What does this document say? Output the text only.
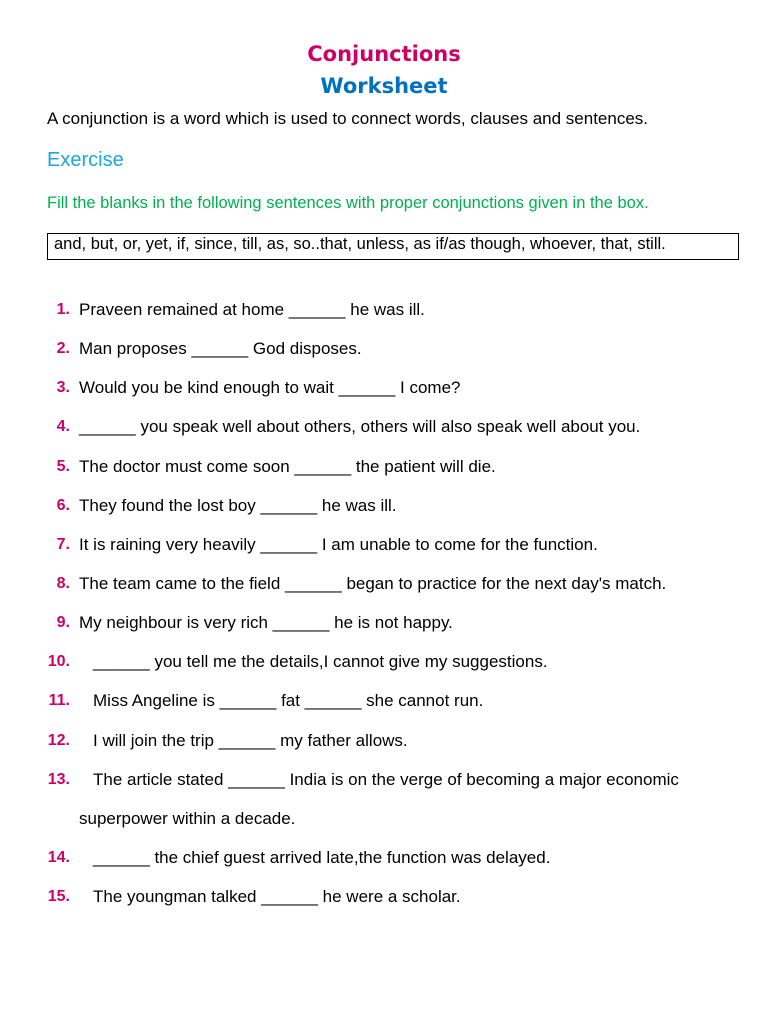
Conjunctions
Worksheet
A conjunction is a word which is used to connect words, clauses and sentences.
Exercise
Fill the blanks in the following sentences with proper conjunctions given in the box.
and, but, or, yet, if, since, till, as, so..that, unless, as if/as though, whoever, that, still.
1. Praveen remained at home ______ he was ill.
2. Man proposes ______ God disposes.
3. Would you be kind enough to wait ______ I come?
4. ______ you speak well about others, others will also speak well about you.
5. The doctor must come soon ______ the patient will die.
6. They found the lost boy ______ he was ill.
7. It is raining very heavily ______ I am unable to come for the function.
8. The team came to the field ______ began to practice for the next day's match.
9. My neighbour is very rich ______ he is not happy.
10. ______ you tell me the details,I cannot give my suggestions.
11. Miss Angeline is ______ fat ______ she cannot run.
12. I will join the trip ______ my father allows.
13. The article stated ______ India is on the verge of becoming a major economic
superpower within a decade.
14. ______ the chief guest arrived late,the function was delayed.
15. The youngman talked ______ he were a scholar.
